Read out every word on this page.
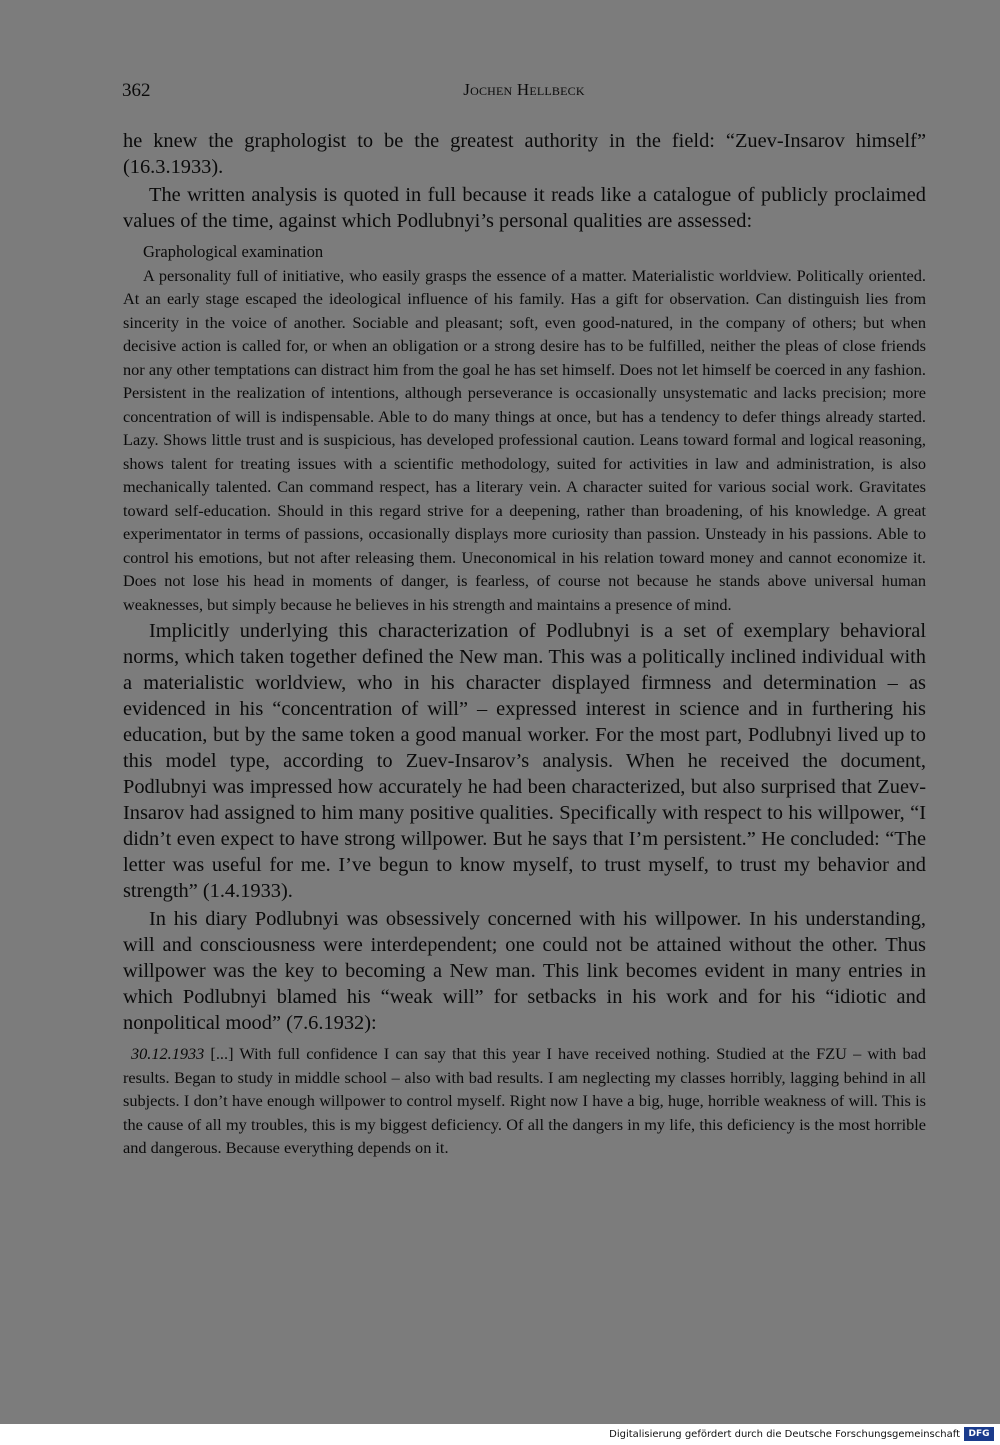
362	Jochen Hellbeck

he knew the graphologist to be the greatest authority in the field: “Zuev-Insarov himself” (16.3.1933).

The written analysis is quoted in full because it reads like a catalogue of publicly proclaimed values of the time, against which Podlubnyi’s personal qualities are assessed:

Graphological examination

A personality full of initiative, who easily grasps the essence of a matter. Materialistic worldview. Politically oriented. At an early stage escaped the ideological influence of his family. Has a gift for observation. Can distinguish lies from sincerity in the voice of another. Sociable and pleasant; soft, even good-natured, in the company of others; but when decisive action is called for, or when an obligation or a strong desire has to be fulfilled, neither the pleas of close friends nor any other temptations can distract him from the goal he has set himself. Does not let himself be coerced in any fashion. Persistent in the realization of intentions, although perseverance is occasionally unsystematic and lacks precision; more concentration of will is indispensable. Able to do many things at once, but has a tendency to defer things already started. Lazy. Shows little trust and is suspicious, has developed professional caution. Leans toward formal and logical reasoning, shows talent for treating issues with a scientific methodology, suited for activities in law and administration, is also mechanically talented. Can command respect, has a literary vein. A character suited for various social work. Gravitates toward self-education. Should in this regard strive for a deepening, rather than broadening, of his knowledge. A great experimentator in terms of passions, occasionally displays more curiosity than passion. Unsteady in his passions. Able to control his emotions, but not after releasing them. Uneconomical in his relation toward money and cannot economize it. Does not lose his head in moments of danger, is fearless, of course not because he stands above universal human weaknesses, but simply because he believes in his strength and maintains a presence of mind.

Implicitly underlying this characterization of Podlubnyi is a set of exemplary behavioral norms, which taken together defined the New man. This was a politically inclined individual with a materialistic worldview, who in his character displayed firmness and determination – as evidenced in his “concentration of will” – expressed interest in science and in furthering his education, but by the same token a good manual worker. For the most part, Podlubnyi lived up to this model type, according to Zuev-Insarov’s analysis. When he received the document, Podlubnyi was impressed how accurately he had been characterized, but also surprised that Zuev-Insarov had assigned to him many positive qualities. Specifically with respect to his willpower, “I didn’t even expect to have strong willpower. But he says that I’m persistent.” He concluded: “The letter was useful for me. I’ve begun to know myself, to trust myself, to trust my behavior and strength” (1.4.1933).

In his diary Podlubnyi was obsessively concerned with his willpower. In his understanding, will and consciousness were interdependent; one could not be attained without the other. Thus willpower was the key to becoming a New man. This link becomes evident in many entries in which Podlubnyi blamed his “weak will” for setbacks in his work and for his “idiotic and nonpolitical mood” (7.6.1932):

30.12.1933 [...] With full confidence I can say that this year I have received nothing. Studied at the FZU – with bad results. Began to study in middle school – also with bad results. I am neglecting my classes horribly, lagging behind in all subjects. I don’t have enough willpower to control myself. Right now I have a big, huge, horrible weakness of will. This is the cause of all my troubles, this is my biggest deficiency. Of all the dangers in my life, this deficiency is the most horrible and dangerous. Because everything depends on it.

Digitalisierung gefördert durch die Deutsche Forschungsgemeinschaft DFG
